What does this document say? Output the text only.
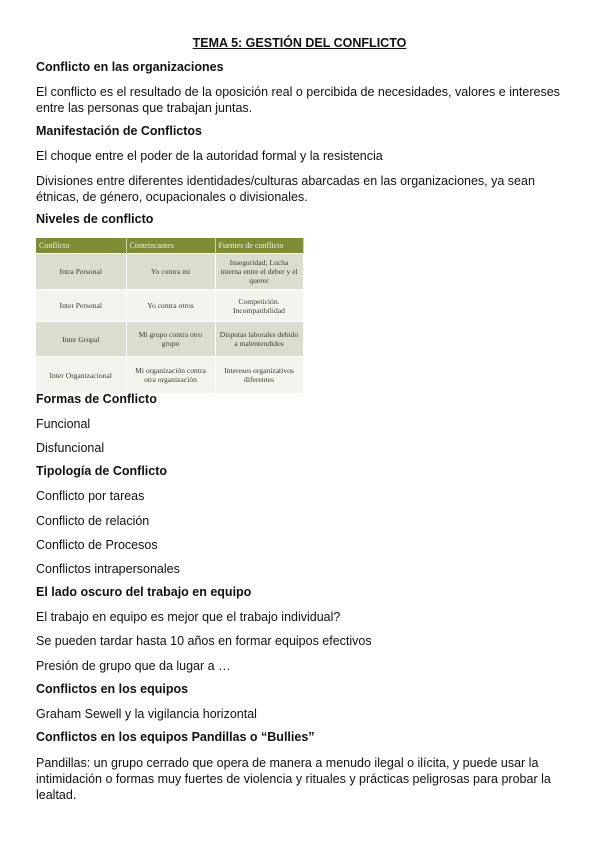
TEMA 5: GESTIÓN DEL CONFLICTO
Conflicto en las organizaciones
El conflicto es el resultado de la oposición real o percibida de necesidades, valores e intereses
entre las personas que trabajan juntas.
Manifestación de Conflictos
El choque entre el poder de la autoridad formal y la resistencia
Divisiones entre diferentes identidades/culturas abarcadas en las organizaciones, ya sean
étnicas, de género, ocupacionales o divisionales.
Niveles de conflicto
Conflicto	Contrincantes	Fuentes de conflicto
Intra Personal	Yo contra mí	Inseguridad; Lucha interna entre el deber y el querer
Inter Personal	Yo contra otros	Competición. Incompatibilidad
Inter Grupal	Mi grupo contra otro grupo	Disputas laborales debido a malentendidos
Inter Organizacional	Mi organización contra otra organización	Intereses organizativos diferentes
Formas de Conflicto
Funcional
Disfuncional
Tipología de Conflicto
Conflicto por tareas
Conflicto de relación
Conflicto de Procesos
Conflictos intrapersonales
El lado oscuro del trabajo en equipo
El trabajo en equipo es mejor que el trabajo individual?
Se pueden tardar hasta 10 años en formar equipos efectivos
Presión de grupo que da lugar a …
Conflictos en los equipos
Graham Sewell y la vigilancia horizontal
Conflictos en los equipos Pandillas o “Bullies”
Pandillas: un grupo cerrado que opera de manera a menudo ilegal o ilícita, y puede usar la
intimidación o formas muy fuertes de violencia y rituales y prácticas peligrosas para probar la
lealtad.
